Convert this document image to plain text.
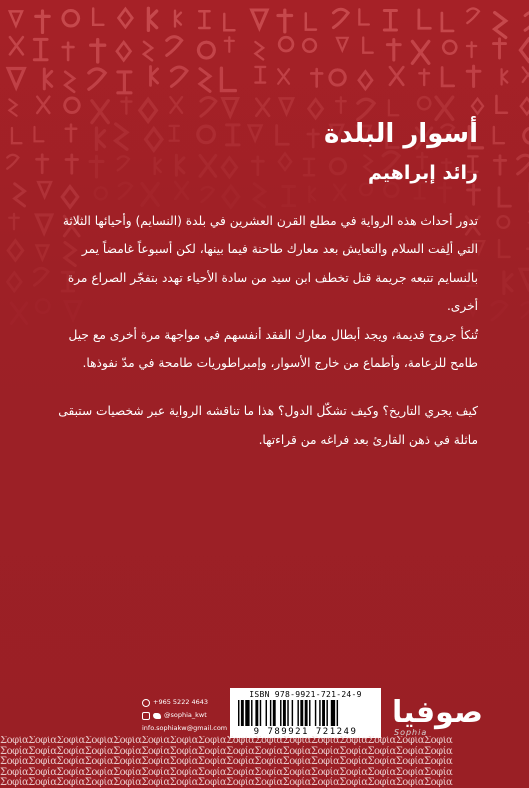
أسوار البلدة
رائد إبراهيم

تدور أحداث هذه الرواية في مطلع القرن العشرين في بلدة (النسايم) وأحيائها الثلاثة التي ألِفت السلام والتعايش بعد معارك طاحنة فيما بينها، لكن أسبوعاً غامضاً يمر بالنسايم تتبعه جريمة قتل تخطف ابن سيد من سادة الأحياء تهدد بتفجّر الصراع مرة أخرى.

تُنكأ جروح قديمة، ويجد أبطال معارك الفقد أنفسهم في مواجهة مرة أخرى مع جيل طامح للزعامة، وأطماع من خارج الأسوار، وإمبراطوريات طامحة في مدّ نفوذها.

كيف يجري التاريخ؟ وكيف تشكّل الدول؟ هذا ما تناقشه الرواية عبر شخصيات ستبقى ماثلة في ذهن القارئ بعد فراغه من قراءتها.

+965 5222 4643
@sophia_kwt
info.sophiakw@gmail.com
ISBN 978-9921-721-24-9
9 789921 721249
صوفيا
Sophia
ΣοφίαΣοφίαΣοφίαΣοφίαΣοφίαΣοφίαΣοφίαΣοφίαΣοφίαΣοφίαΣοφίαΣοφίαΣοφίαΣοφίαΣοφίαΣοφία
ΣοφίαΣοφίαΣοφίαΣοφίαΣοφίαΣοφίαΣοφίαΣοφίαΣοφίαΣοφίαΣοφίαΣοφίαΣοφίαΣοφίαΣοφίαΣοφία
ΣοφίαΣοφίαΣοφίαΣοφίαΣοφίαΣοφίαΣοφίαΣοφίαΣοφίαΣοφίαΣοφίαΣοφίαΣοφίαΣοφίαΣοφίαΣοφία
ΣοφίαΣοφίαΣοφίαΣοφίαΣοφίαΣοφίαΣοφίαΣοφίαΣοφίαΣοφίαΣοφίαΣοφίαΣοφίαΣοφίαΣοφίαΣοφία
ΣοφίαΣοφίαΣοφίαΣοφίαΣοφίαΣοφίαΣοφίαΣοφίαΣοφίαΣοφίαΣοφίαΣοφίαΣοφίαΣοφίαΣοφίαΣοφία
